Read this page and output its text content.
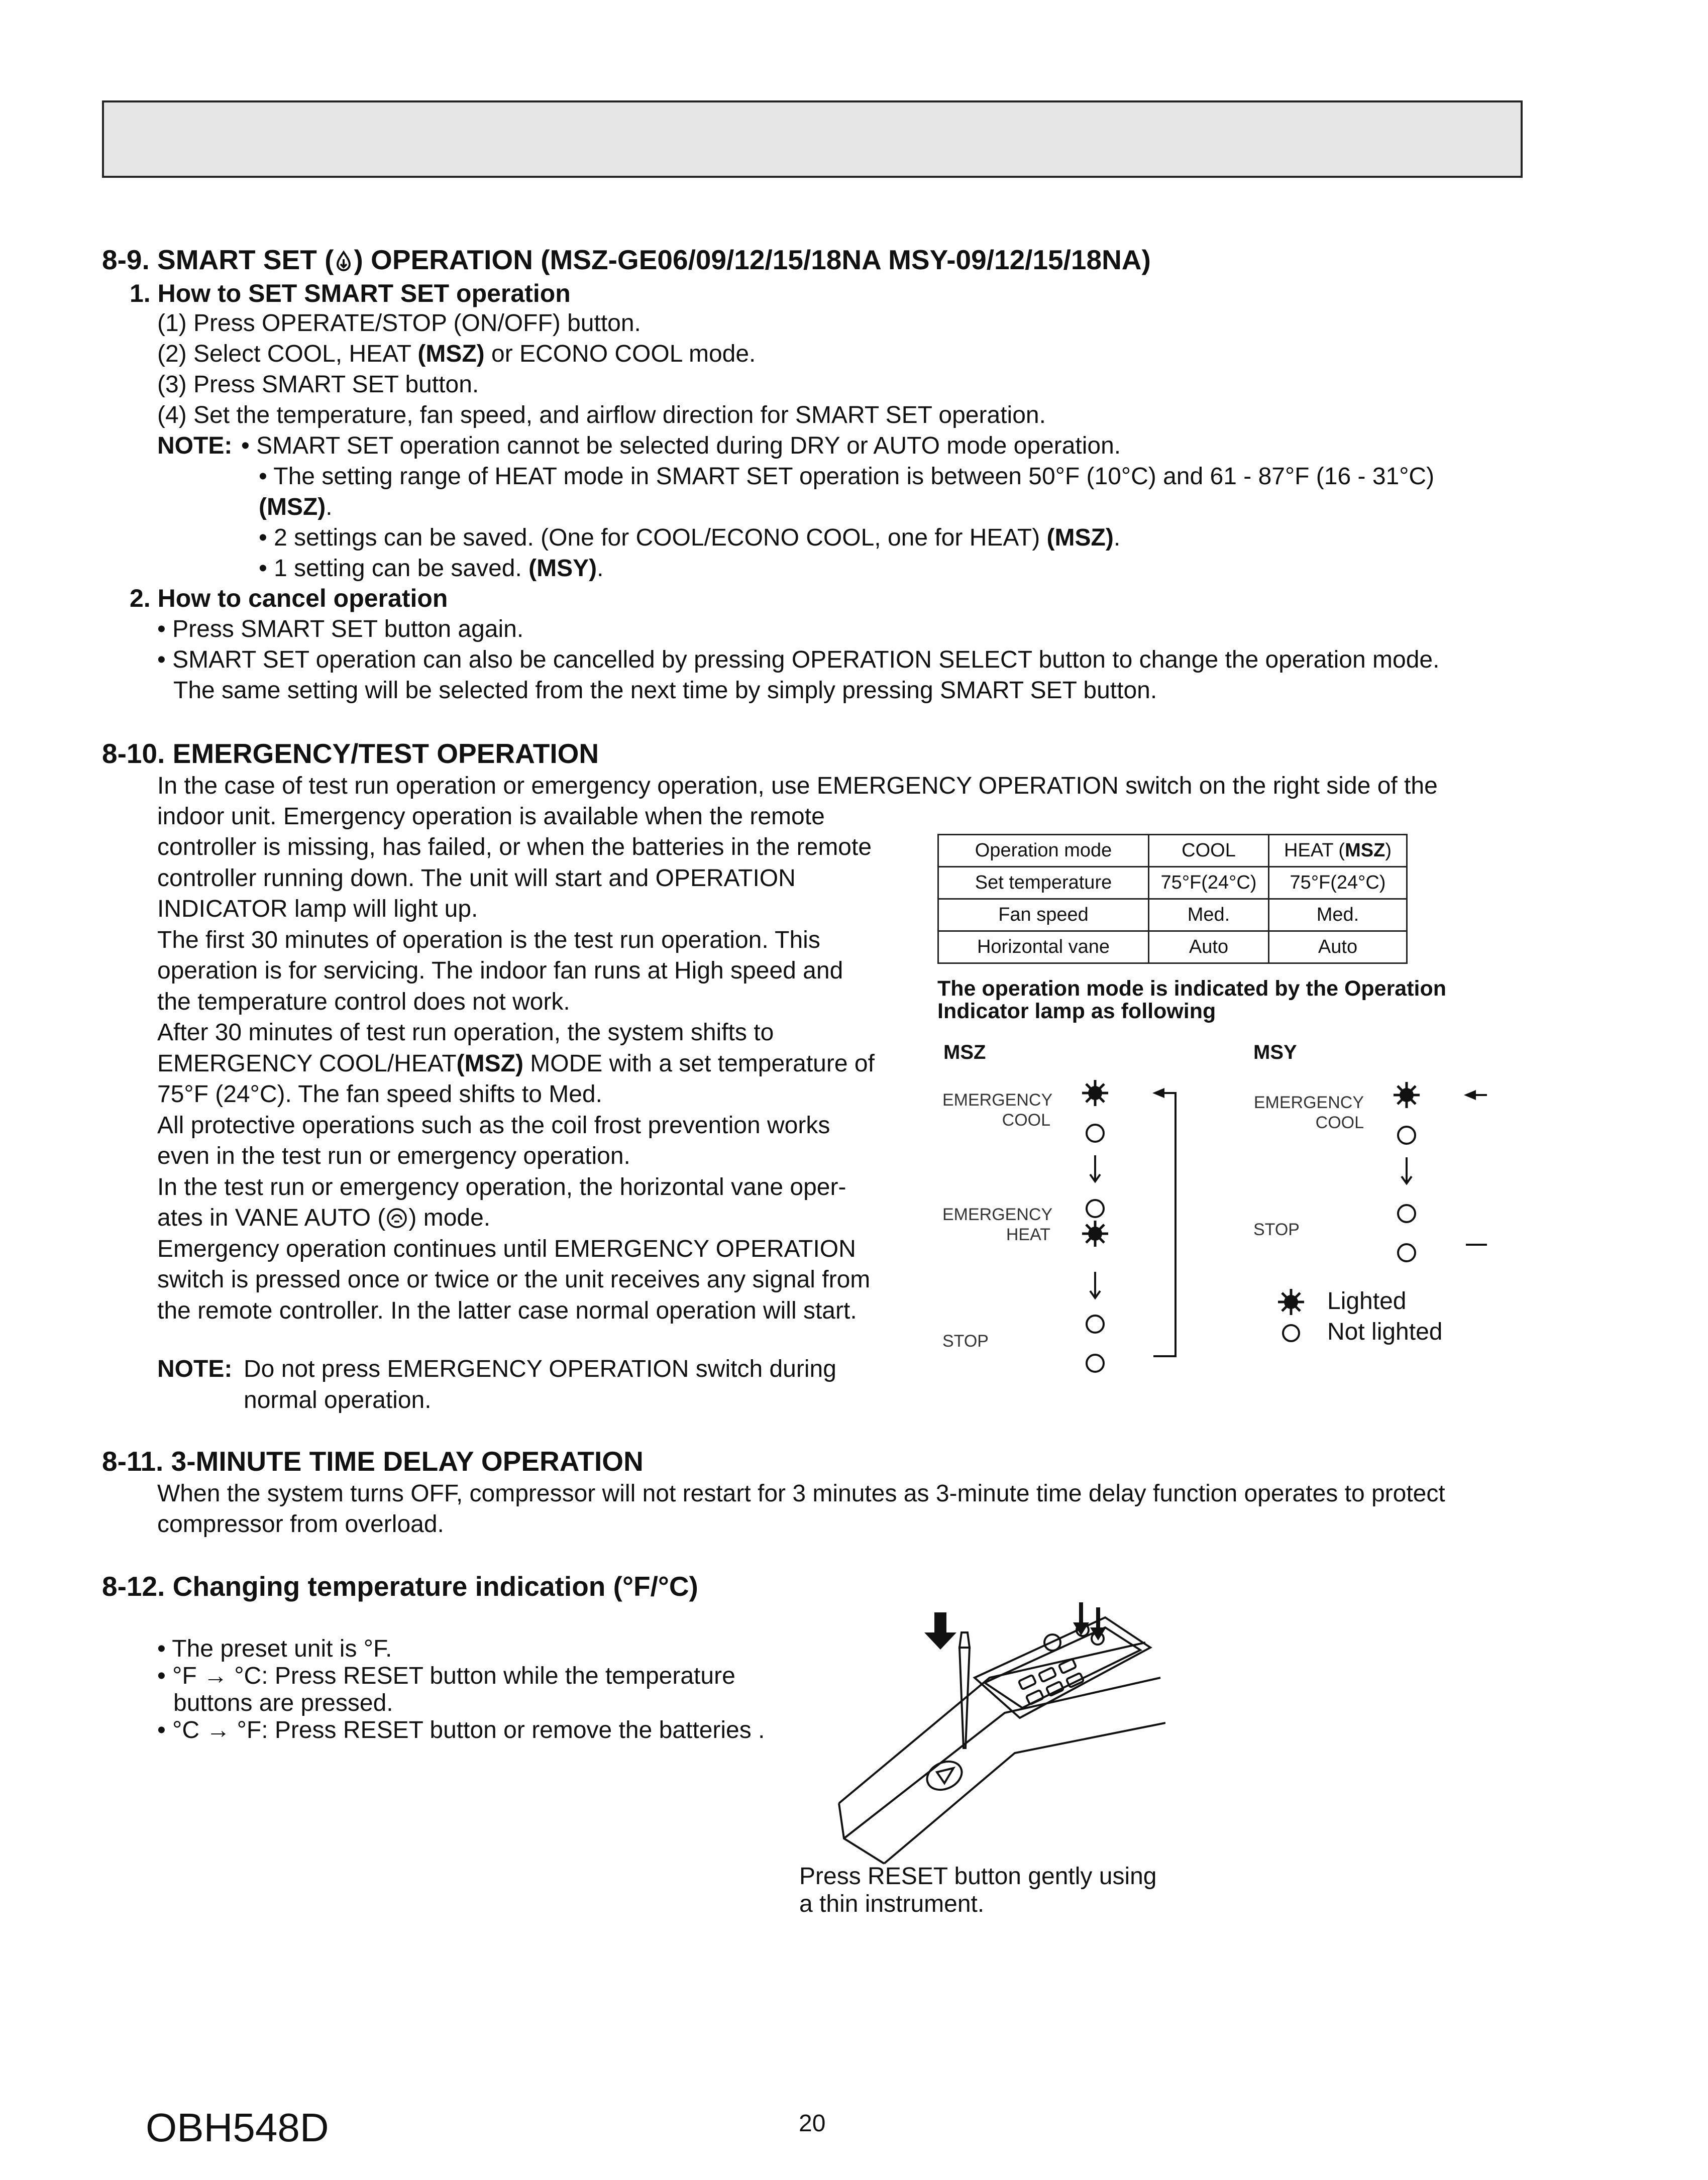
8-9. SMART SET ( ) OPERATION (MSZ-GE06/09/12/15/18NA MSY-09/12/15/18NA)
1. How to SET SMART SET operation
(1) Press OPERATE/STOP (ON/OFF) button.
(2) Select COOL, HEAT (MSZ) or ECONO COOL mode.
(3) Press SMART SET button.
(4) Set the temperature, fan speed, and airflow direction for SMART SET operation.
NOTE: • SMART SET operation cannot be selected during DRY or AUTO mode operation.
• The setting range of HEAT mode in SMART SET operation is between 50°F (10°C) and 61 - 87°F (16 - 31°C)
(MSZ).
• 2 settings can be saved. (One for COOL/ECONO COOL, one for HEAT) (MSZ).
• 1 setting can be saved. (MSY).
2. How to cancel operation
• Press SMART SET button again.
• SMART SET operation can also be cancelled by pressing OPERATION SELECT button to change the operation mode.
The same setting will be selected from the next time by simply pressing SMART SET button.
8-10. EMERGENCY/TEST OPERATION
In the case of test run operation or emergency operation, use EMERGENCY OPERATION switch on the right side of the
indoor unit. Emergency operation is available when the remote
controller is missing, has failed, or when the batteries in the remote
controller running down. The unit will start and OPERATION
INDICATOR lamp will light up.
The first 30 minutes of operation is the test run operation. This
operation is for servicing. The indoor fan runs at High speed and
the temperature control does not work.
After 30 minutes of test run operation, the system shifts to
EMERGENCY COOL/HEAT(MSZ) MODE with a set temperature of
75°F (24°C). The fan speed shifts to Med.
All protective operations such as the coil frost prevention works
even in the test run or emergency operation.
In the test run or emergency operation, the horizontal vane oper-
ates in VANE AUTO ( ) mode.
Emergency operation continues until EMERGENCY OPERATION
switch is pressed once or twice or the unit receives any signal from
the remote controller. In the latter case normal operation will start.
NOTE: Do not press EMERGENCY OPERATION switch during
normal operation.
Operation mode	COOL	HEAT (MSZ)
Set temperature	75°F(24°C)	75°F(24°C)
Fan speed	Med.	Med.
Horizontal vane	Auto	Auto
The operation mode is indicated by the Operation
Indicator lamp as following
MSZ
EMERGENCY
COOL
EMERGENCY
HEAT
STOP
MSY
EMERGENCY
COOL
STOP
Lighted
Not lighted
8-11. 3-MINUTE TIME DELAY OPERATION
When the system turns OFF, compressor will not restart for 3 minutes as 3-minute time delay function operates to protect
compressor from overload.
8-12. Changing temperature indication (°F/°C)
• The preset unit is °F.
• °F → °C: Press RESET button while the temperature
buttons are pressed.
• °C → °F: Press RESET button or remove the batteries .
Press RESET button gently using
a thin instrument.
OBH548D	20
